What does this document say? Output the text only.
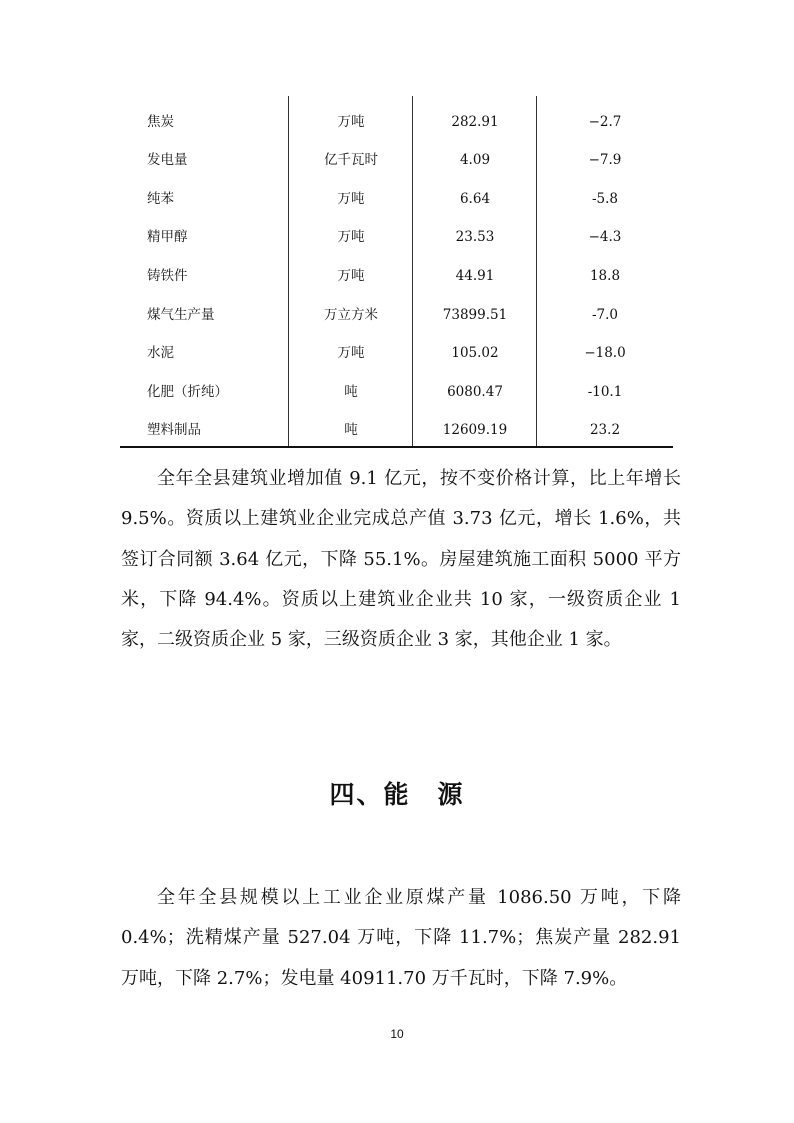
焦炭	万吨	282.91	−2.7
发电量	亿千瓦时	4.09	−7.9
纯苯	万吨	6.64	-5.8
精甲醇	万吨	23.53	−4.3
铸铁件	万吨	44.91	18.8
煤气生产量	万立方米	73899.51	-7.0
水泥	万吨	105.02	−18.0
化肥（折纯）	吨	6080.47	-10.1
塑料制品	吨	12609.19	23.2

全年全县建筑业增加值 9.1 亿元，按不变价格计算，比上年增长 9.5%。资质以上建筑业企业完成总产值 3.73 亿元，增长 1.6%，共签订合同额 3.64 亿元，下降 55.1%。房屋建筑施工面积 5000 平方米，下降 94.4%。资质以上建筑业企业共 10 家，一级资质企业 1 家，二级资质企业 5 家，三级资质企业 3 家，其他企业 1 家。

四、能　源

全年全县规模以上工业企业原煤产量 1086.50 万吨，下降 0.4%；洗精煤产量 527.04 万吨，下降 11.7%；焦炭产量 282.91 万吨，下降 2.7%；发电量 40911.70 万千瓦时，下降 7.9%。

10
